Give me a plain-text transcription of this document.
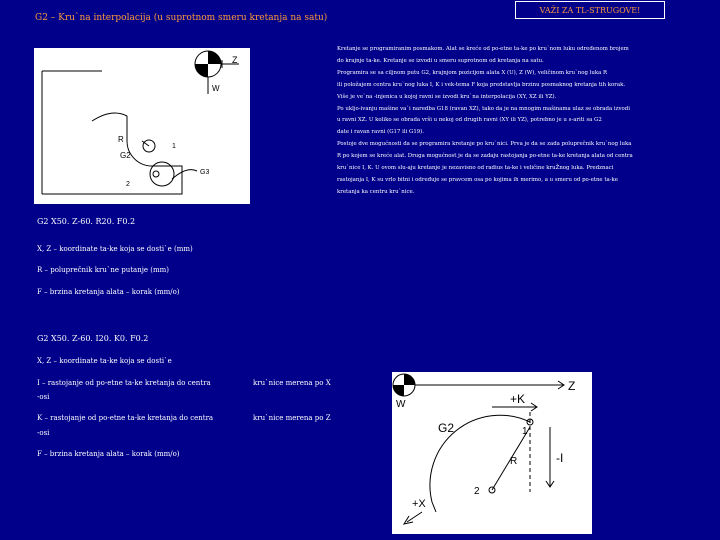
G2 – Kru`na interpolacija (u suprotnom smeru kretanja na satu)
VAŽI ZA TL-STRUGOVE!
Z
W
R
G2
1
2
G3
Kretanje se programiranim posmakom. Alat se kreće od po-etne ta-ke po kru`nom luku određenom brojem
do krajnje ta-ke. Kretanje se izvodi u smeru suprotnom od kretanja na satu.
Programira se sa ciljnom putu G2, krajnjom pozicijom alata X (U), Z (W), veličinom kru`nog luka R
ili položajem centra kru`nog luka I, K i vek-tema F koja predstavlja brzinu posmaknog kretanja tih korak.
Više je ve`na -injenica u kojoj ravni se izvodi kru`na interpolacija (XY, XZ ili YZ).
Po ukljo-ivanju mašine va`i naredba G18 (ravan XZ), tako da je na mnogim mašinama ulaz se obrada izvodi
u ravni XZ. U koliko se obrada vrši u nekoj od drugih ravni (XY ili YZ), potrebno je u s-ariti sa G2
date i ravan ravni (G17 ili G19).
Postoje dve mogućnosti da se programira kretanje po kru`nici. Prva je da se zada poluprečnik kru`nog luka
R po kojem se kreće alat. Druga mogućnost je da se zadaju rastojanja po-etne ta-ke kretanja alata od centra
kru`nice I, K. U ovom slu-aju kretanje je nezavisno od radius ta-ke i veličine kruŽnog luka. Predznaci
rastojanja I, K su vrlo bitni i određuje se pravcem osa po kojima ih merimo, a u smeru od po-etne ta-ke
kretanja ka centru kru`nice.
G2 X50. Z-60. R20. F0.2
X, Z – koordinate ta-ke koja se dosti`e (mm)
R – poluprečnik kru`ne putanje (mm)
F – brzina kretanja alata – korak (mm/o)
G2 X50. Z-60. I20. K0. F0.2
X, Z – koordinate ta-ke koja se dosti`e
I – rastojanje od po-etne ta-ke kretanja do centra
-osi
kru`nice merena po X
K – rastojanje od po-etne ta-ke kretanja do centra
-osi
kru`nice merena po Z
F – brzina kretanja alata – korak (mm/o)
Z
W	+K
G2	1
2
R	-I
+X
